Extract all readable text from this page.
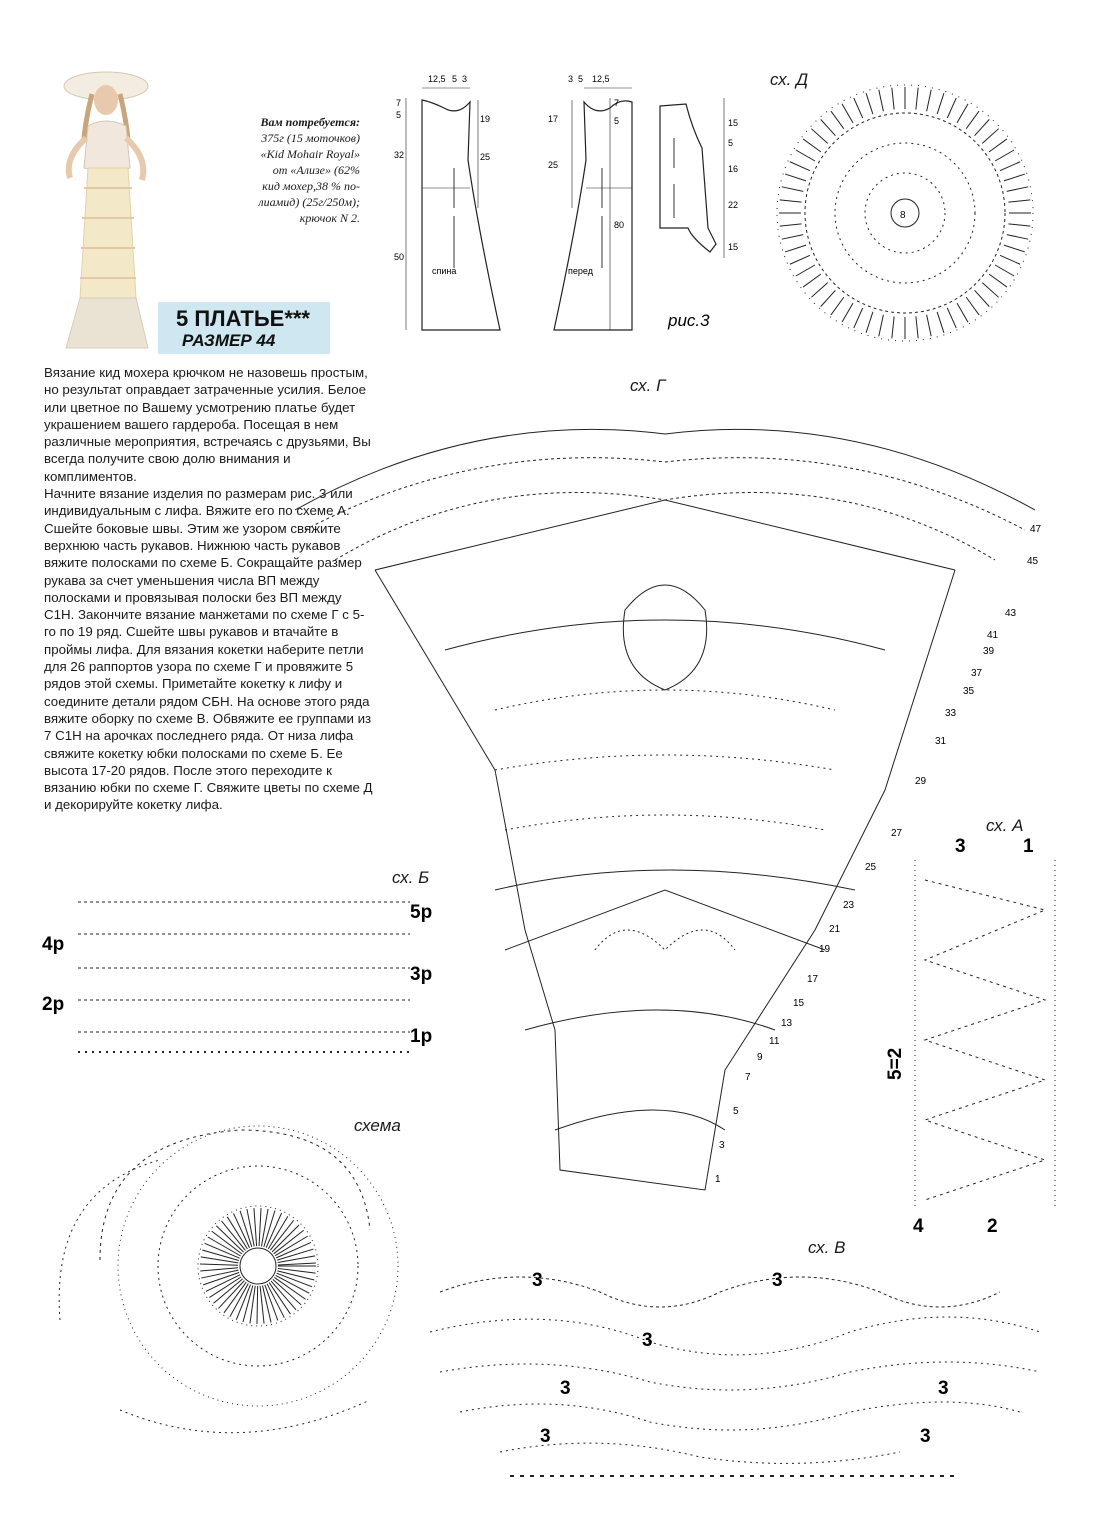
5 ПЛАТЬЕ***
РАЗМЕР 44
Вам потребуется:
375г (15 моточков)
«Kid Mohair Royal»
от «Ализе» (62%
кид мохер,38 % по-
лиамид) (25г/250м);
крючок N 2.
Вязание кид мохера крючком не назовешь простым, но результат оправдает затраченные усилия. Белое или цветное по Вашему усмотрению платье будет украшением вашего гардероба. Посещая в нем различные мероприятия, встречаясь с друзьями, Вы всегда получите свою долю внимания и комплиментов.
Начните вязание изделия по размерам рис. 3 или индивидуальным с лифа. Вяжите его по схеме А. Сшейте боковые швы. Этим же узором свяжите верхнюю часть рукавов. Нижнюю часть рукавов вяжите полосками по схеме Б. Сокращайте размер рукава за счет уменьшения числа ВП между полосками и провязывая полоски без ВП между С1Н. Закончите вязание манжетами по схеме Г с 5-го по 19 ряд. Сшейте швы рукавов и втачайте в проймы лифа. Для вязания кокетки наберите петли для 26 раппортов узора по схеме Г и провяжите 5 рядов этой схемы. Приметайте кокетку к лифу и соедините детали рядом СБН. На основе этого ряда вяжите оборку по схеме В. Обвяжите ее группами из 7 С1Н на арочках последнего ряда. От низа лифа свяжите кокетку юбки полосками по схеме Б. Ее высота 17-20 рядов. После этого переходите к вязанию юбки по схеме Г. Свяжите цветы по схеме Д и декорируйте кокетку лифа.
12,5 5 3	3 5 12,5
7
5
32
50
19
25
17
25
7
5
80
15
5
16
22
15
спина	перед
рис.3
сх. Д
8
сх. Г
47
45
43
41
39
37
35
33
31
29
27
25
23
21
19
17
15
13
11
9
7
5
3
1
сх. А
3	1
4	2
5=2
сх. Б
4р
2р
5р
3р
1р
схема
сх. В
3	3
3
3	3
3	3
